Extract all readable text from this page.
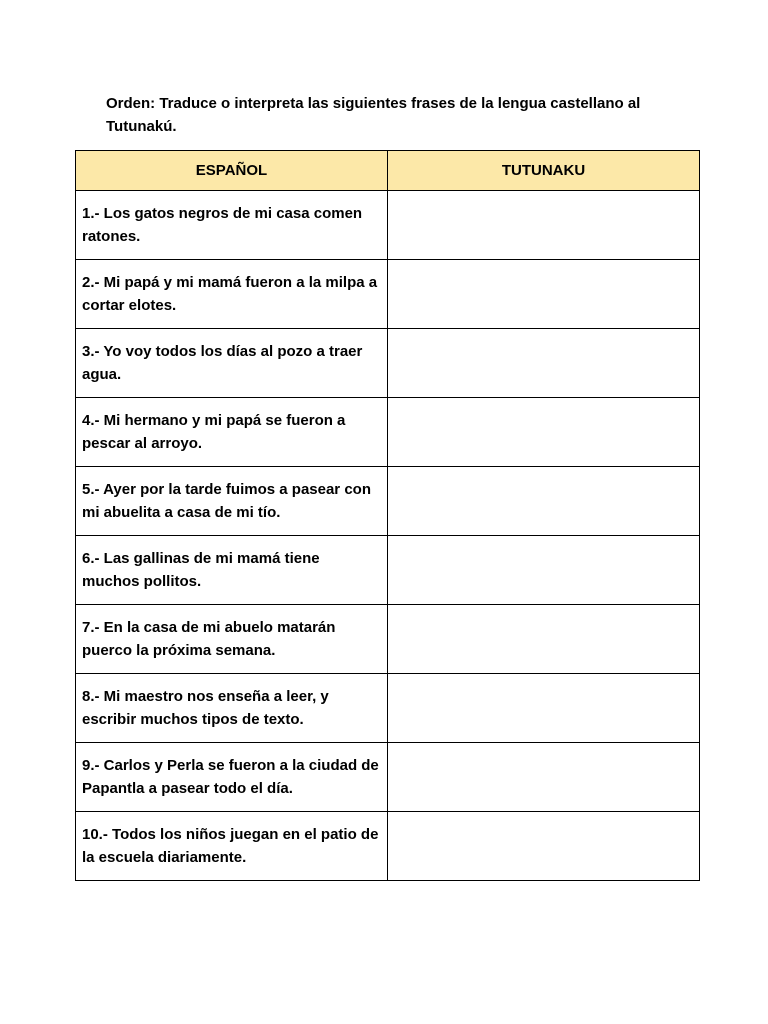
Orden: Traduce o interpreta las siguientes frases de la lengua castellano al Tutunakú.

ESPAÑOL	TUTUNAKU
1.- Los gatos negros de mi casa comen ratones.	
2.- Mi papá y mi mamá fueron a la milpa a cortar elotes.	
3.- Yo voy todos los días al pozo a traer agua.	
4.- Mi hermano y mi papá se fueron a pescar al arroyo.	
5.- Ayer por la tarde fuimos a pasear con mi abuelita a casa de mi tío.	
6.- Las gallinas de mi mamá tiene muchos pollitos.	
7.- En la casa de mi abuelo matarán puerco la próxima semana.	
8.- Mi maestro nos enseña a leer, y escribir muchos tipos de texto.	
9.- Carlos y Perla se fueron a la ciudad de Papantla a pasear todo el día.	
10.- Todos los niños juegan en el patio de la escuela diariamente.	
